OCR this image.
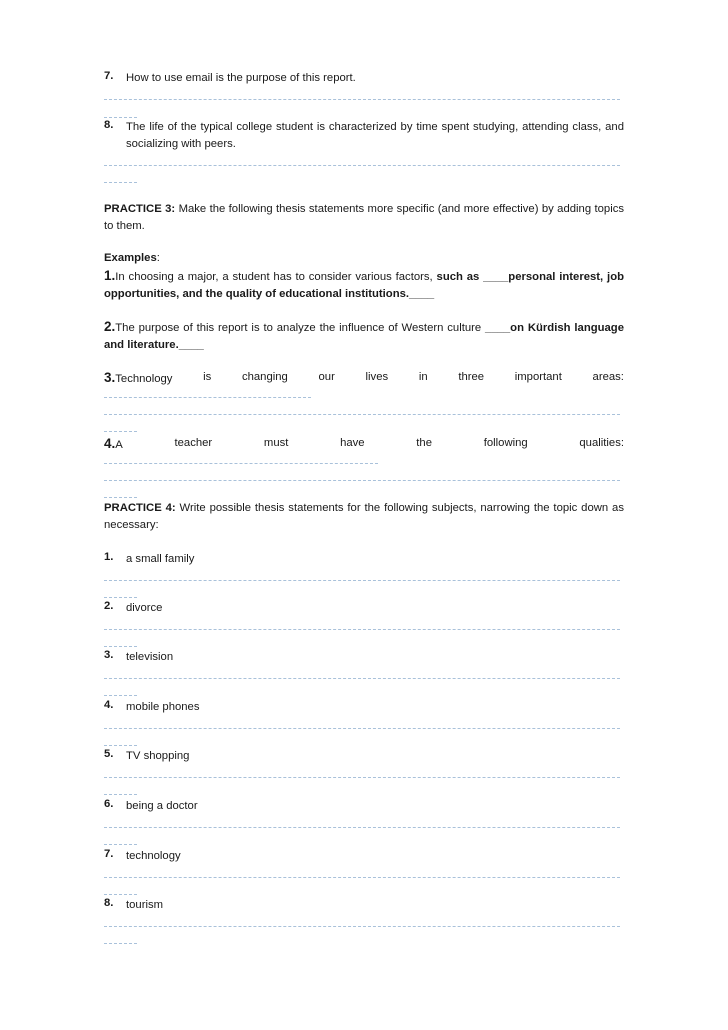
7.	How to use email is the purpose of this report.
8.	The life of the typical college student is characterized by time spent studying, attending class, and socializing with peers.
PRACTICE 3: Make the following thesis statements more specific (and more effective) by adding topics to them.
Examples:
1.In choosing a major, a student has to consider various factors, such as ____personal interest, job opportunities, and the quality of educational institutions.____
2.The purpose of this report is to analyze the influence of Western culture ____on Kürdish language and literature.____
3.Technology	is	changing	our	lives	in	three	important	areas:
4.A	teacher	must	have	the	following	qualities:
PRACTICE 4: Write possible thesis statements for the following subjects, narrowing the topic down as necessary:
1.	a small family
2.	divorce
3.	television
4.	mobile phones
5.	TV shopping
6.	being a doctor
7.	technology
8.	tourism
